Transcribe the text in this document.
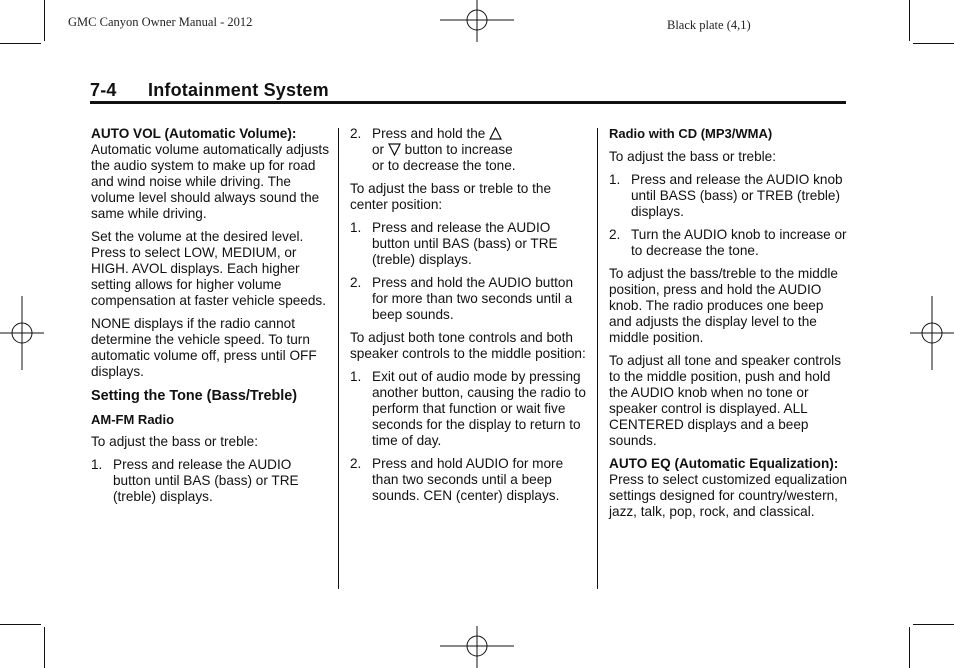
GMC Canyon Owner Manual - 2012	Black plate (4,1)
7-4 Infotainment System

AUTO VOL (Automatic Volume): Automatic volume automatically adjusts the audio system to make up for road and wind noise while driving. The volume level should always sound the same while driving.

Set the volume at the desired level. Press to select LOW, MEDIUM, or HIGH. AVOL displays. Each higher setting allows for higher volume compensation at faster vehicle speeds.

NONE displays if the radio cannot determine the vehicle speed. To turn automatic volume off, press until OFF displays.

Setting the Tone (Bass/Treble)
AM-FM Radio

To adjust the bass or treble:

1. Press and release the AUDIO button until BAS (bass) or TRE (treble) displays.
2. Press and hold the
or button to increase
or to decrease the tone.

To adjust the bass or treble to the center position:

1. Press and release the AUDIO button until BAS (bass) or TRE (treble) displays.
2. Press and hold the AUDIO button for more than two seconds until a beep sounds.

To adjust both tone controls and both speaker controls to the middle position:

1. Exit out of audio mode by pressing another button, causing the radio to perform that function or wait five seconds for the display to return to time of day.
2. Press and hold AUDIO for more than two seconds until a beep sounds. CEN (center) displays.
Radio with CD (MP3/WMA)

To adjust the bass or treble:

1. Press and release the AUDIO knob until BASS (bass) or TREB (treble) displays.
2. Turn the AUDIO knob to increase or to decrease the tone.

To adjust the bass/treble to the middle position, press and hold the AUDIO knob. The radio produces one beep and adjusts the display level to the middle position.

To adjust all tone and speaker controls to the middle position, push and hold the AUDIO knob when no tone or speaker control is displayed. ALL CENTERED displays and a beep sounds.

AUTO EQ (Automatic Equalization): Press to select customized equalization settings designed for country/western, jazz, talk, pop, rock, and classical.
